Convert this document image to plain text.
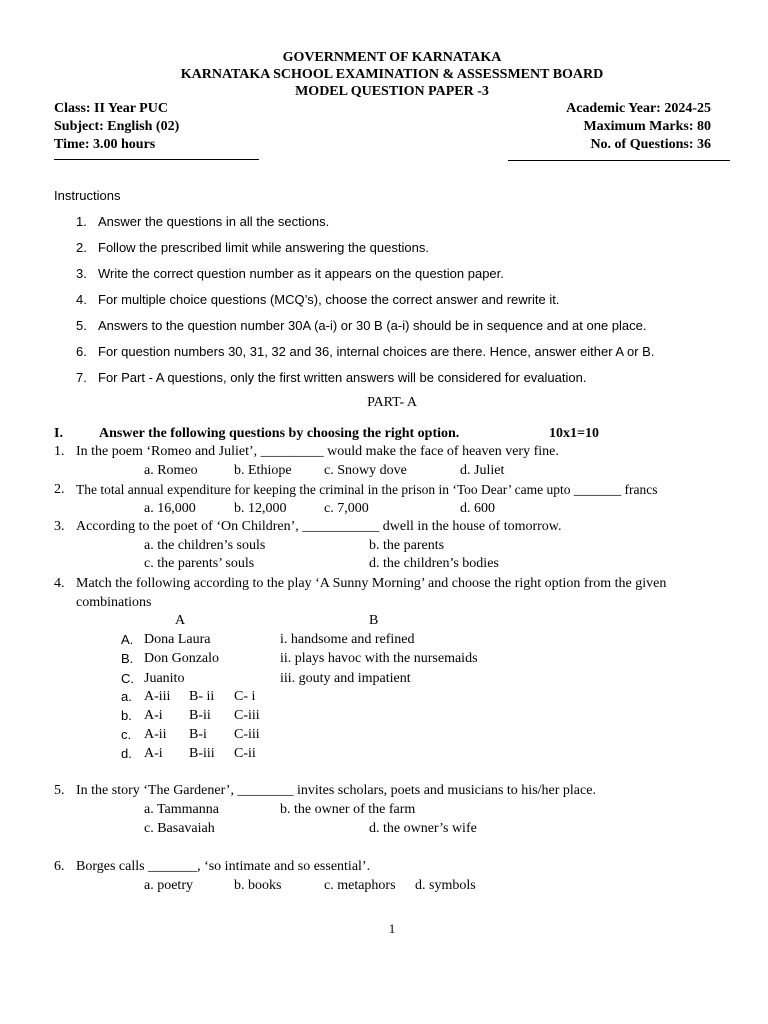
GOVERNMENT OF KARNATAKA
KARNATAKA SCHOOL EXAMINATION & ASSESSMENT BOARD
MODEL QUESTION PAPER -3
Class: II Year PUC
Subject: English (02)
Time: 3.00 hours
Academic Year: 2024-25
Maximum Marks: 80
No. of Questions: 36
Instructions
1. Answer the questions in all the sections.
2. Follow the prescribed limit while answering the questions.
3. Write the correct question number as it appears on the question paper.
4. For multiple choice questions (MCQ’s), choose the correct answer and rewrite it.
5. Answers to the question number 30A (a-i) or 30 B (a-i) should be in sequence and at one place.
6. For question numbers 30, 31, 32 and 36, internal choices are there. Hence, answer either A or B.
7. For Part - A questions, only the first written answers will be considered for evaluation.
PART- A
I.	Answer the following questions by choosing the right option.	10x1=10
1. In the poem ‘Romeo and Juliet’, _________ would make the face of heaven very fine.
a. Romeo	b. Ethiope c. Snowy dove	d. Juliet
2. The total annual expenditure for keeping the criminal in the prison in ‘Too Dear’ came upto _______ francs
a. 16,000	b. 12,000	c. 7,000	d. 600
3. According to the poet of ‘On Children’, ___________ dwell in the house of tomorrow.
a. the children’s souls	b. the parents
c. the parents’ souls	d. the children’s bodies
4. Match the following according to the play ‘A Sunny Morning’ and choose the right option from the given
combinations
A	B
A. Dona Laura	i. handsome and refined
B. Don Gonzalo	ii. plays havoc with the nursemaids
C. Juanito	iii. gouty and impatient
a. A-iii B- ii C- i
b. A-i B-ii C-iii
c. A-ii B-i C-iii
d. A-i B-iii C-ii
5. In the story ‘The Gardener’, ________ invites scholars, poets and musicians to his/her place.
a. Tammanna	b. the owner of the farm
c. Basavaiah	d. the owner’s wife
6. Borges calls _______, ‘so intimate and so essential’.
a. poetry	b. books	c. metaphors d. symbols
1
